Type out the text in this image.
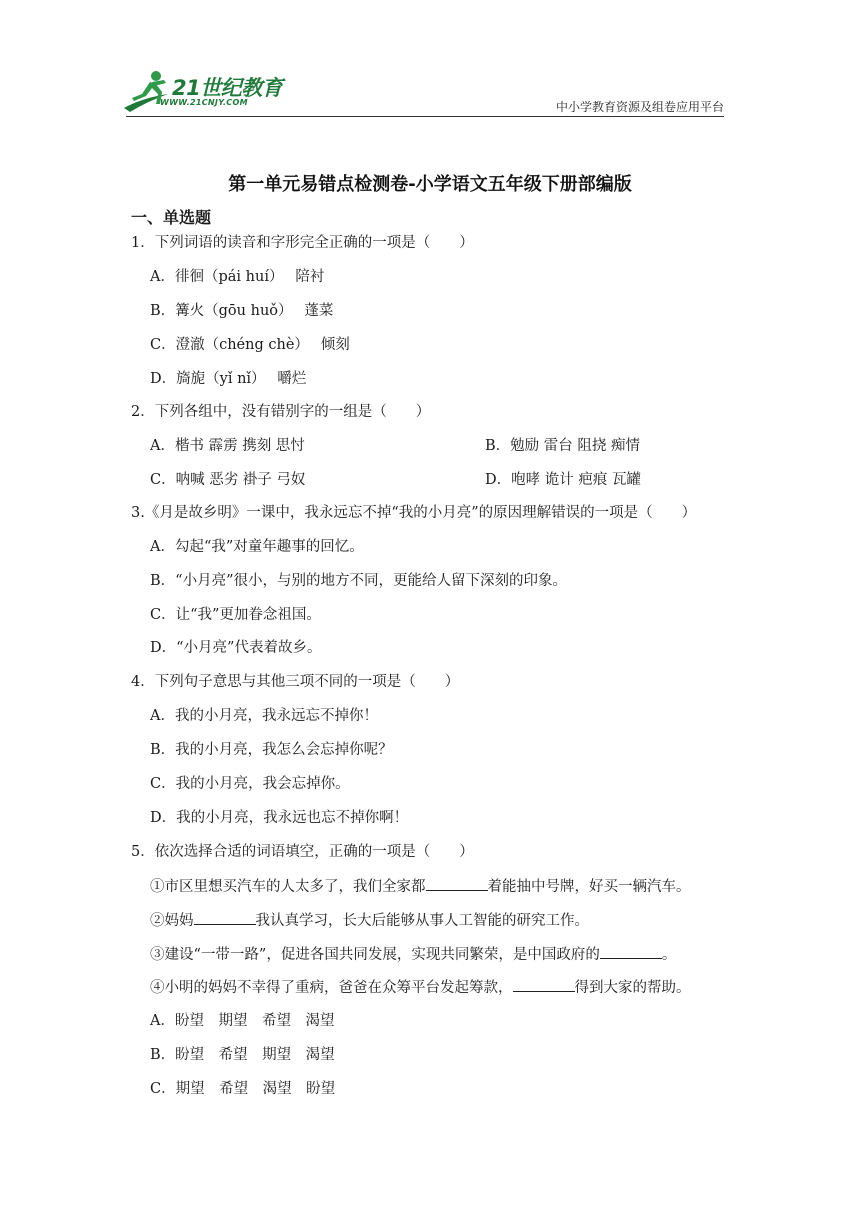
21世纪教育
WWW.21CNJY.COM	中小学教育资源及组卷应用平台
第一单元易错点检测卷-小学语文五年级下册部编版
一、单选题
1．下列词语的读音和字形完全正确的一项是（　　）
A．徘徊（pái huí）　 陪衬
B．篝火（gōu huǒ）　 蓬菜
C．澄澈（chéng chè）　 倾刻
D．旖旎（yǐ nǐ）　 嚼烂
2．下列各组中，没有错别字的一组是（　　）
A．楷书 霹雳 携刻 思忖	B．勉励 雷台 阻挠 痴情
C．呐喊 恶劣 褂子 弓奴	D．咆哮 诡计 疤痕 瓦罐
3.《月是故乡明》一课中，我永远忘不掉“我的小月亮”的原因理解错误的一项是（　　）
A．勾起“我”对童年趣事的回忆。
B．“小月亮”很小，与别的地方不同，更能给人留下深刻的印象。
C．让“我”更加眷念祖国。
D．“小月亮”代表着故乡。
4．下列句子意思与其他三项不同的一项是（　　）
A．我的小月亮，我永远忘不掉你！
B．我的小月亮，我怎么会忘掉你呢？
C．我的小月亮，我会忘掉你。
D．我的小月亮，我永远也忘不掉你啊！
5．依次选择合适的词语填空，正确的一项是（　　）
①市区里想买汽车的人太多了，我们全家都	着能抽中号牌，好买一辆汽车。
②妈妈	我认真学习，长大后能够从事人工智能的研究工作。
③建设“一带一路”，促进各国共同发展，实现共同繁荣，是中国政府的	。
④小明的妈妈不幸得了重病，爸爸在众筹平台发起筹款，	得到大家的帮助。
A．盼望　期望　希望　渴望
B．盼望　希望　期望　渴望
C．期望　希望　渴望　盼望
